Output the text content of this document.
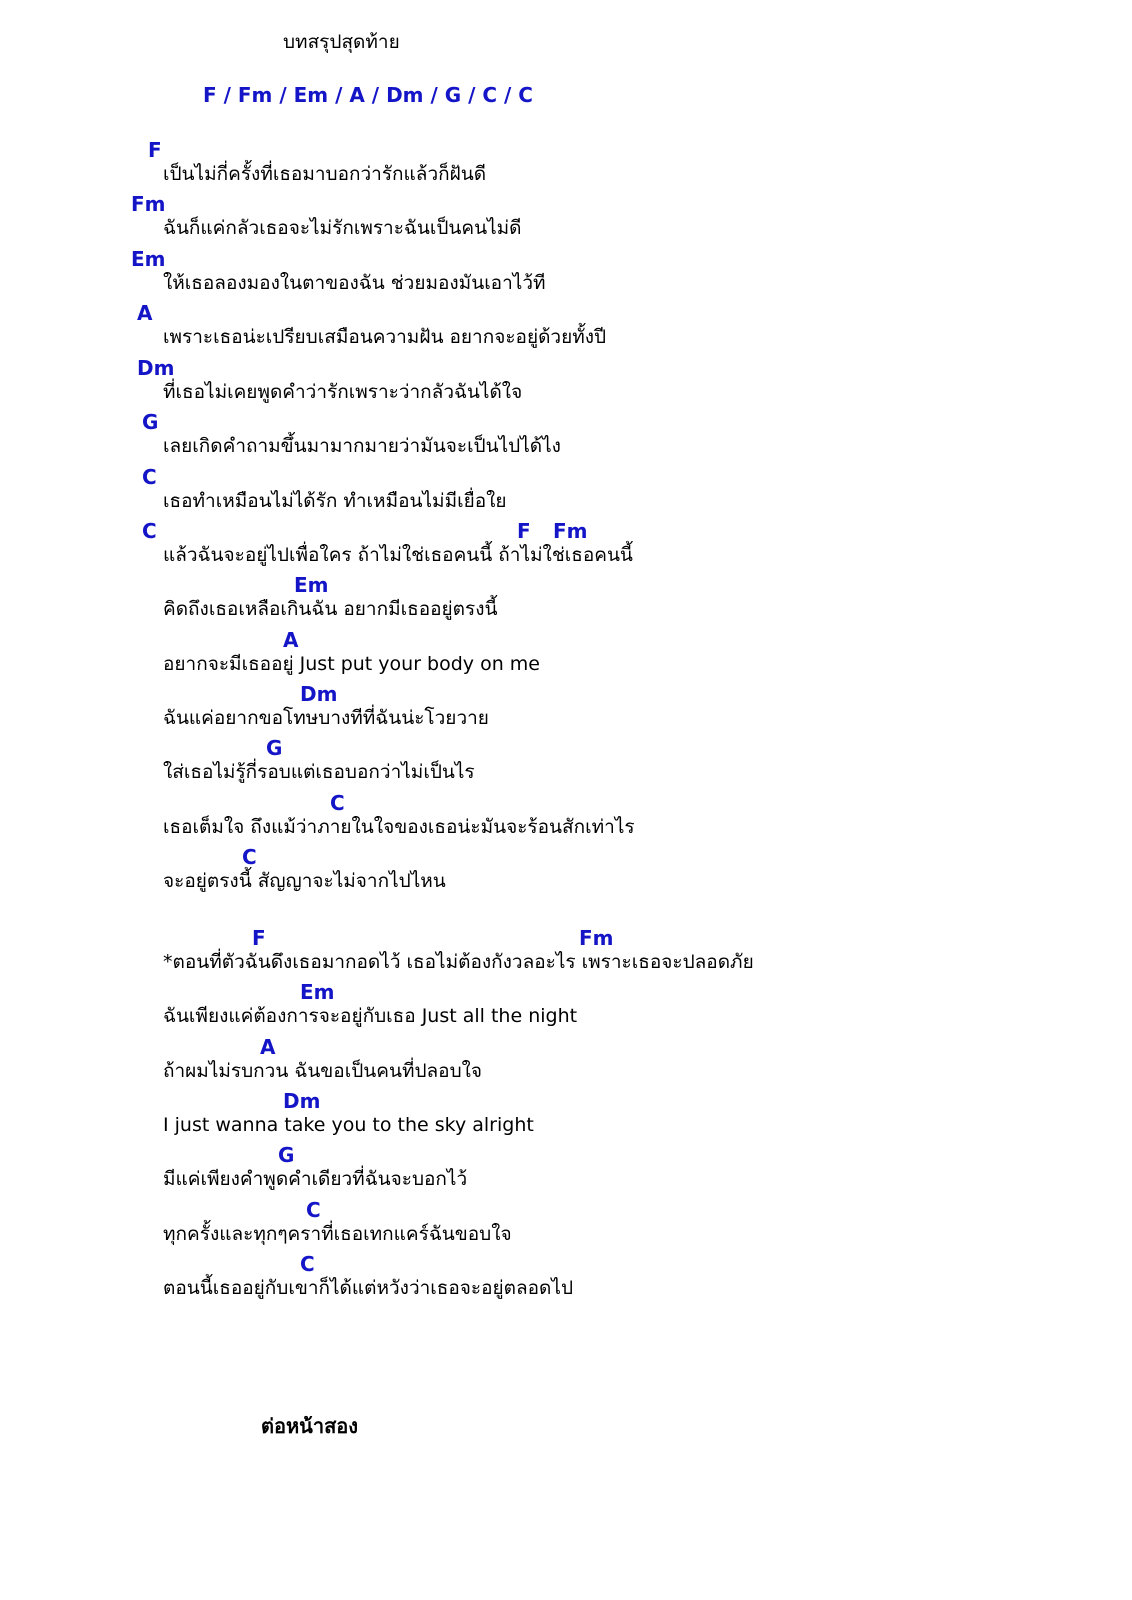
บทสรุปสุดท้าย
F / Fm / Em / A / Dm / G / C / C
F
เป็นไม่กี่ครั้งที่เธอมาบอกว่ารักแล้วก็ฝันดี
Fm
ฉันก็แค่กลัวเธอจะไม่รักเพราะฉันเป็นคนไม่ดี
Em
ให้เธอลองมองในตาของฉัน ช่วยมองมันเอาไว้ที
A
เพราะเธอน่ะเปรียบเสมือนความฝัน อยากจะอยู่ด้วยทั้งปี
Dm
ที่เธอไม่เคยพูดคำว่ารักเพราะว่ากลัวฉันได้ใจ
G
เลยเกิดคำถามขึ้นมามากมายว่ามันจะเป็นไปได้ไง
C
เธอทำเหมือนไม่ได้รัก ทำเหมือนไม่มีเยื่อใย
C	F Fm
แล้วฉันจะอยู่ไปเพื่อใคร ถ้าไม่ใช่เธอคนนี้ ถ้าไม่ใช่เธอคนนี้
Em
คิดถึงเธอเหลือเกินฉัน อยากมีเธออยู่ตรงนี้
A
อยากจะมีเธออยู่ Just put your body on me
Dm
ฉันแค่อยากขอโทษบางทีที่ฉันน่ะโวยวาย
G
ใส่เธอไม่รู้กี่รอบแต่เธอบอกว่าไม่เป็นไร
C
เธอเต็มใจ ถึงแม้ว่าภายในใจของเธอน่ะมันจะร้อนสักเท่าไร
C
จะอยู่ตรงนี้ สัญญาจะไม่จากไปไหน
F	Fm
*ตอนที่ตัวฉันดึงเธอมากอดไว้ เธอไม่ต้องกังวลอะไร เพราะเธอจะปลอดภัย
Em
ฉันเพียงแค่ต้องการจะอยู่กับเธอ Just all the night
A
ถ้าผมไม่รบกวน ฉันขอเป็นคนที่ปลอบใจ
Dm
I just wanna take you to the sky alright
G
มีแค่เพียงคำพูดคำเดียวที่ฉันจะบอกไว้
C
ทุกครั้งและทุกๆคราที่เธอเทกแคร์ฉันขอบใจ
C
ตอนนี้เธออยู่กับเขาก็ได้แต่หวังว่าเธอจะอยู่ตลอดไป
ต่อหน้าสอง
